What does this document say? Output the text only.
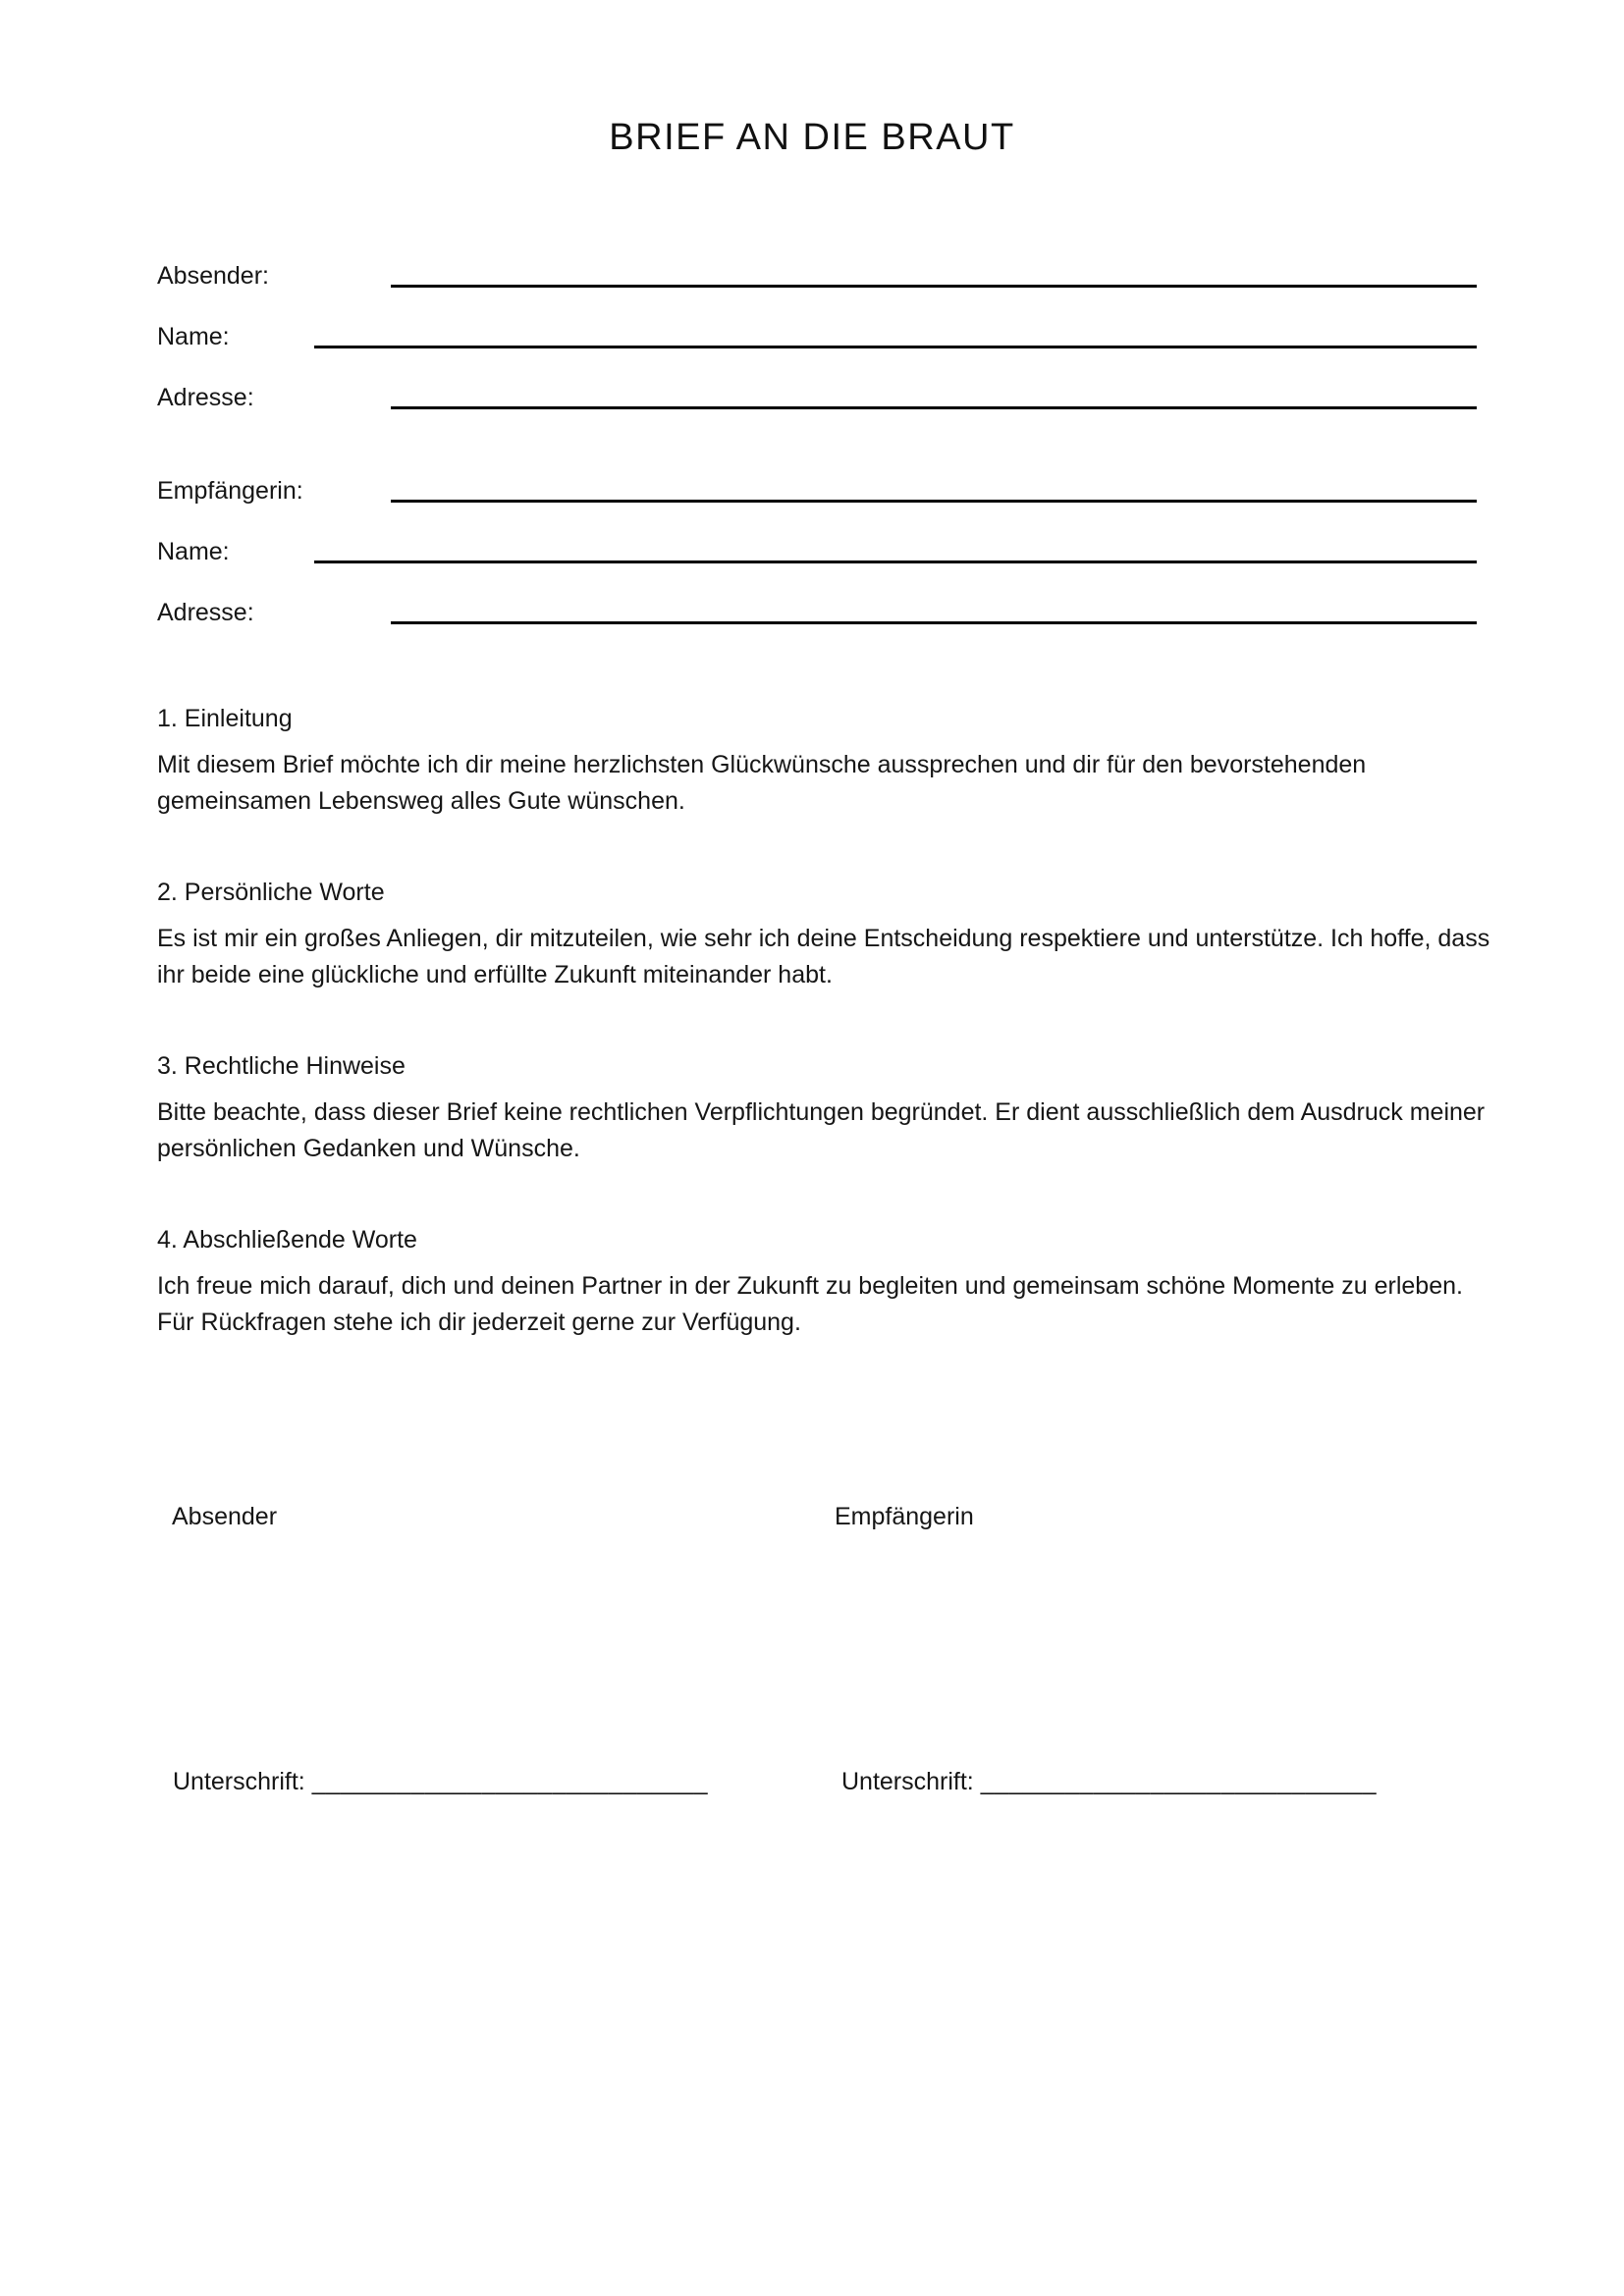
BRIEF AN DIE BRAUT
Absender:
Name:
Adresse:
Empfängerin:
Name:
Adresse:
1. Einleitung

Mit diesem Brief möchte ich dir meine herzlichsten Glückwünsche aussprechen und dir für den bevorstehenden gemeinsamen Lebensweg alles Gute wünschen.

2. Persönliche Worte

Es ist mir ein großes Anliegen, dir mitzuteilen, wie sehr ich deine Entscheidung respektiere und unterstütze. Ich hoffe, dass ihr beide eine glückliche und erfüllte Zukunft miteinander habt.

3. Rechtliche Hinweise

Bitte beachte, dass dieser Brief keine rechtlichen Verpflichtungen begründet. Er dient ausschließlich dem Ausdruck meiner persönlichen Gedanken und Wünsche.

4. Abschließende Worte

Ich freue mich darauf, dich und deinen Partner in der Zukunft zu begleiten und gemeinsam schöne Momente zu erleben. Für Rückfragen stehe ich dir jederzeit gerne zur Verfügung.

Absender	Empfängerin
Unterschrift: ____________________________	Unterschrift: ____________________________
